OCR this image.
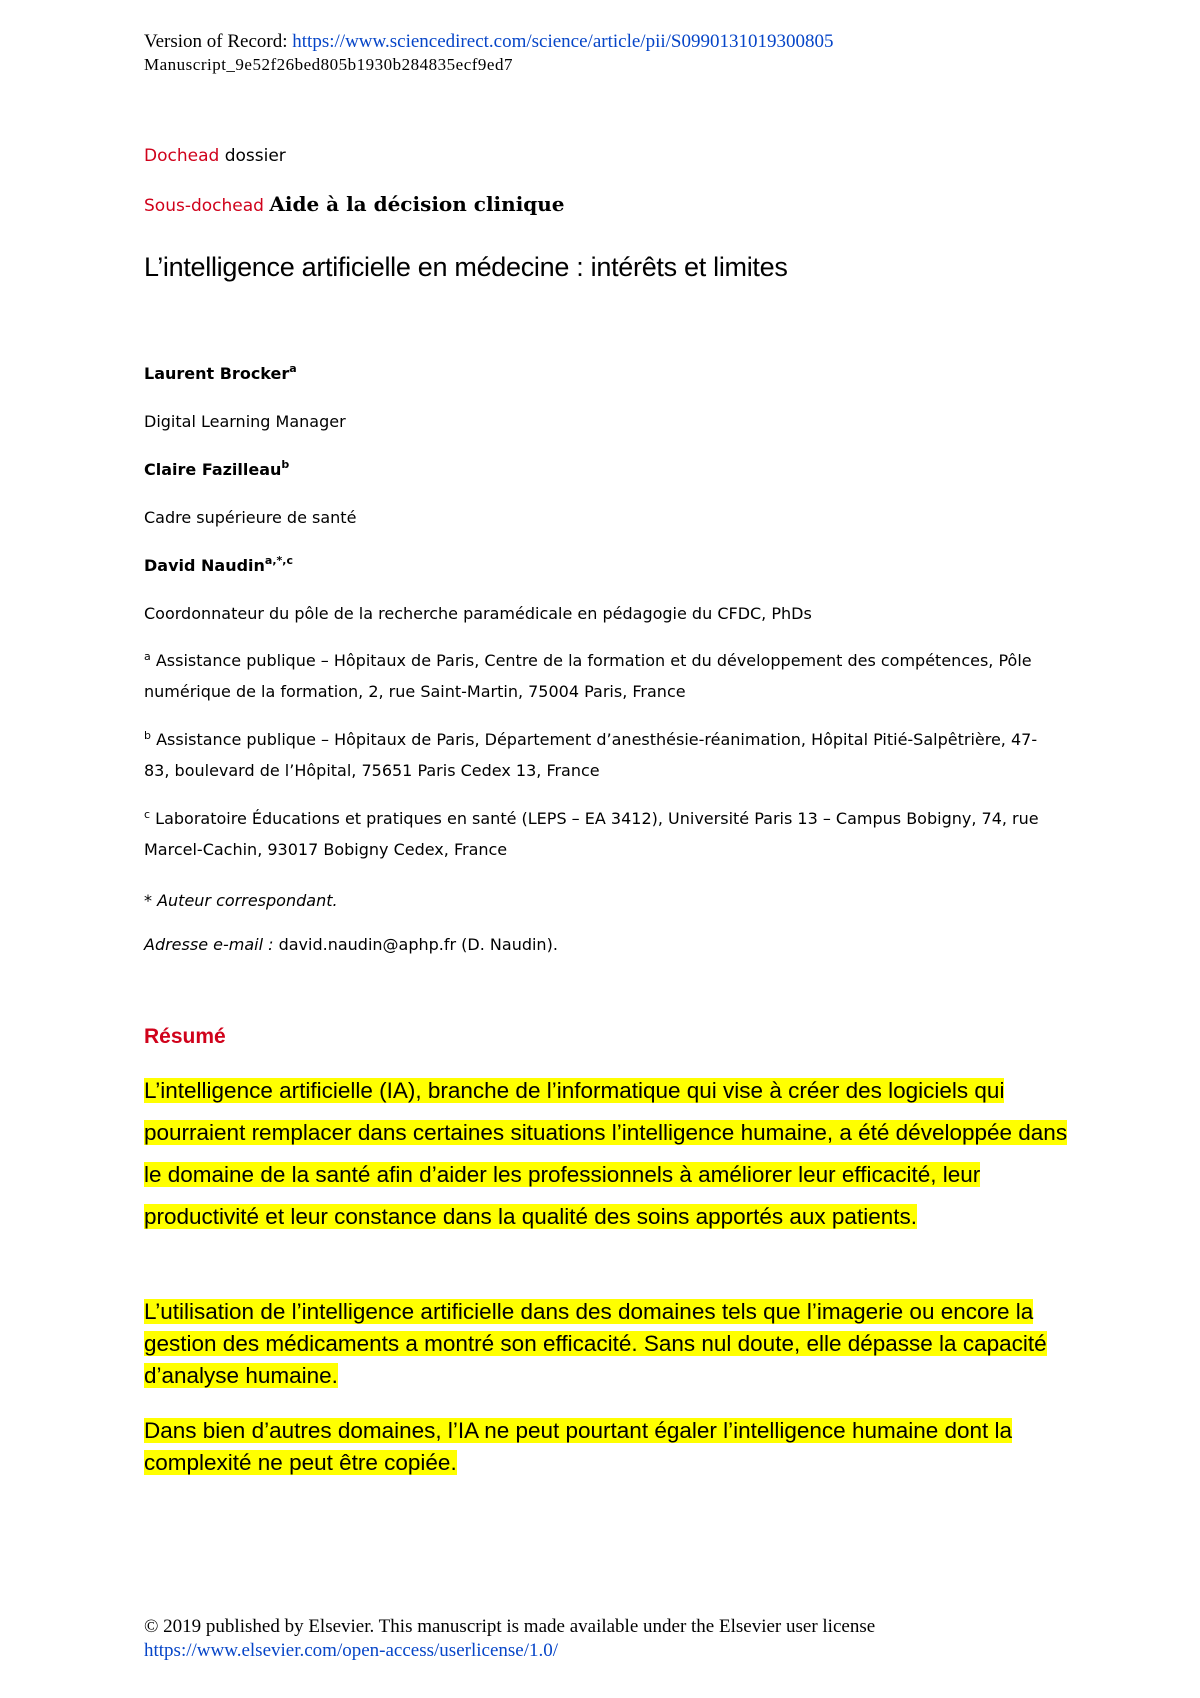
Version of Record: https://www.sciencedirect.com/science/article/pii/S0990131019300805
Manuscript_9e52f26bed805b1930b284835ecf9ed7
Dochead dossier
Sous-dochead Aide à la décision clinique
L’intelligence artificielle en médecine : intérêts et limites
Laurent Brocker$^a$
Digital Learning Manager
Claire Fazilleau$^b$
Cadre supérieure de santé
David Naudin$^{a,*,c}$
Coordonnateur du pôle de la recherche paramédicale en pédagogie du CFDC, PhDs
$^a$ Assistance publique – Hôpitaux de Paris, Centre de la formation et du développement des compétences, Pôle numérique de la formation, 2, rue Saint-Martin, 75004 Paris, France
$^b$ Assistance publique – Hôpitaux de Paris, Département d’anesthésie-réanimation, Hôpital Pitié-Salpêtrière, 47-83, boulevard de l’Hôpital, 75651 Paris Cedex 13, France
$^c$ Laboratoire Éducations et pratiques en santé (LEPS – EA 3412), Université Paris 13 – Campus Bobigny, 74, rue Marcel-Cachin, 93017 Bobigny Cedex, France
* Auteur correspondant.
Adresse e-mail : david.naudin@aphp.fr (D. Naudin).
Résumé
L’intelligence artificielle (IA), branche de l’informatique qui vise à créer des logiciels qui pourraient remplacer dans certaines situations l’intelligence humaine, a été développée dans le domaine de la santé afin d’aider les professionnels à améliorer leur efficacité, leur productivité et leur constance dans la qualité des soins apportés aux patients.
L’utilisation de l’intelligence artificielle dans des domaines tels que l’imagerie ou encore la gestion des médicaments a montré son efficacité. Sans nul doute, elle dépasse la capacité d’analyse humaine.
Dans bien d’autres domaines, l’IA ne peut pourtant égaler l’intelligence humaine dont la complexité ne peut être copiée.
© 2019 published by Elsevier. This manuscript is made available under the Elsevier user license
https://www.elsevier.com/open-access/userlicense/1.0/
